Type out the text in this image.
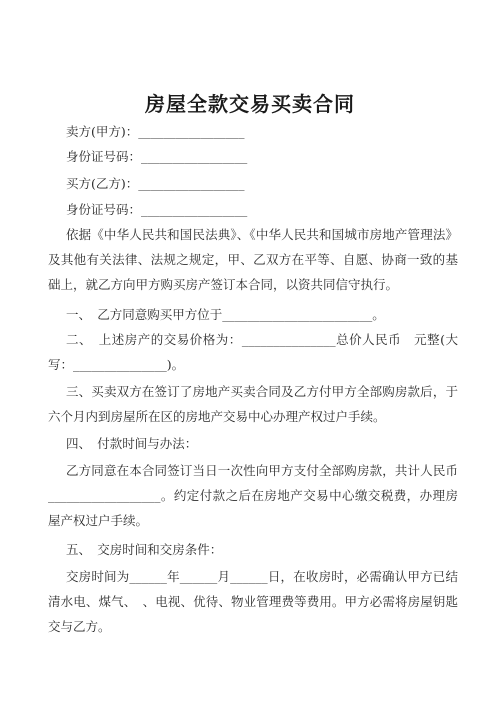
房屋全款交易买卖合同
卖方(甲方)：_________________
身份证号码：_________________
买方(乙方)：_________________
身份证号码：_________________
依据《中华人民共和国民法典》、《中华人民共和国城市房地产管理法》及其他有关法律、法规之规定，甲、乙双方在平等、自愿、协商一致的基础上，就乙方向甲方购买房产签订本合同，以资共同信守执行。
一、　乙方同意购买甲方位于________________________。
二、　上述房产的交易价格为：_______________总价人民币　元整(大写：_______________)。
三、买卖双方在签订了房地产买卖合同及乙方付甲方全部购房款后，于六个月内到房屋所在区的房地产交易中心办理产权过户手续。
四、　付款时间与办法：
乙方同意在本合同签订当日一次性向甲方支付全部购房款，共计人民币__________________。约定付款之后在房地产交易中心缴交税费，办理房屋产权过户手续。
五、　交房时间和交房条件：
交房时间为______年______月______日，在收房时，必需确认甲方已结清水电、煤气、　、电视、优待、物业管理费等费用。甲方必需将房屋钥匙交与乙方。
